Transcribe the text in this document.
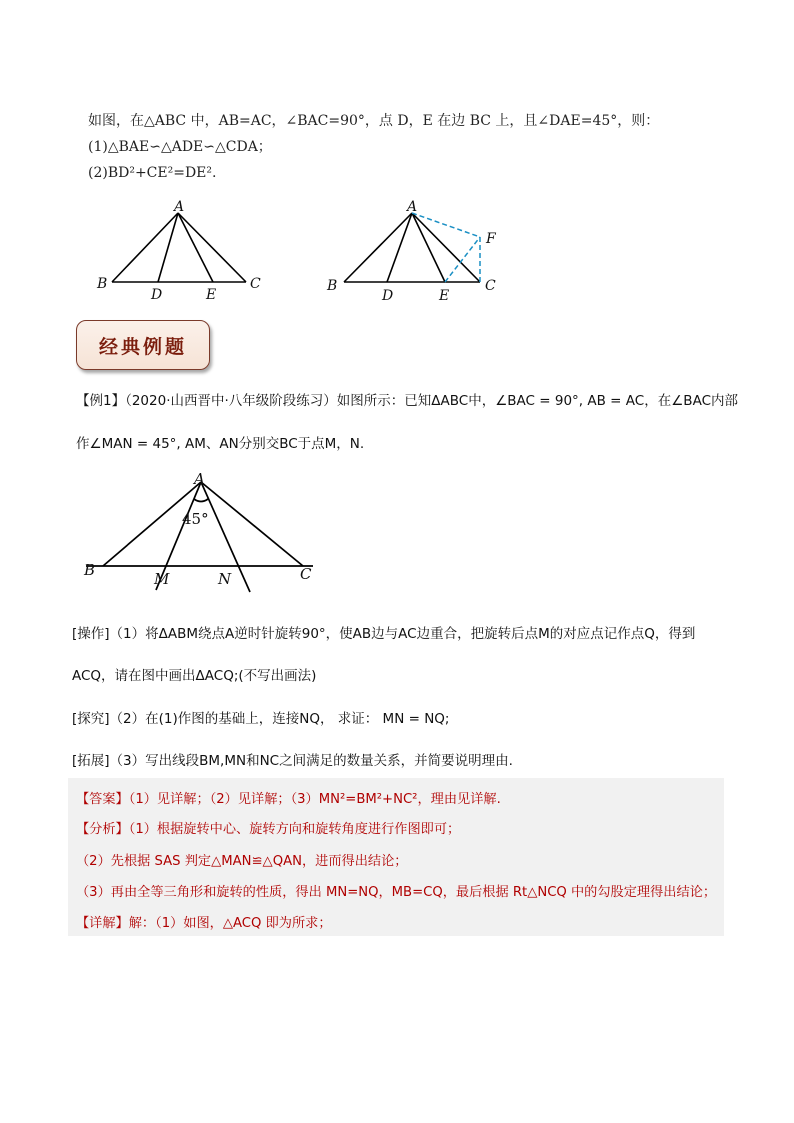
如图，在△ABC 中，AB=AC，∠BAC=90°，点 D，E 在边 BC 上，且∠DAE=45°，则：

(1)△BAE∽△ADE∽△CDA；

(2)BD²+CE²=DE².

A
B	C
D	E
A
B	C
D	E
F
经典例题
【例1】（2020·山西晋中·八年级阶段练习）如图所示：已知ΔABC中，∠BAC = 90°, AB = AC，在∠BAC内部
作∠MAN = 45°, AM、AN分别交BC于点M，N.
A
B	C
M	N
45°
[操作]（1）将ΔABM绕点A逆时针旋转90°，使AB边与AC边重合，把旋转后点M的对应点记作点Q，得到
ACQ，请在图中画出ΔACQ;(不写出画法)
[探究]（2）在(1)作图的基础上，连接NQ， 求证： MN = NQ;
[拓展]（3）写出线段BM,MN和NC之间满足的数量关系，并简要说明理由.

【答案】（1）见详解；（2）见详解；（3）MN²=BM²+NC²，理由见详解.

【分析】（1）根据旋转中心、旋转方向和旋转角度进行作图即可；

（2）先根据 SAS 判定△MAN≌△QAN，进而得出结论；

（3）再由全等三角形和旋转的性质，得出 MN=NQ，MB=CQ，最后根据 Rt△NCQ 中的勾股定理得出结论；

【详解】解：（1）如图，△ACQ 即为所求；
